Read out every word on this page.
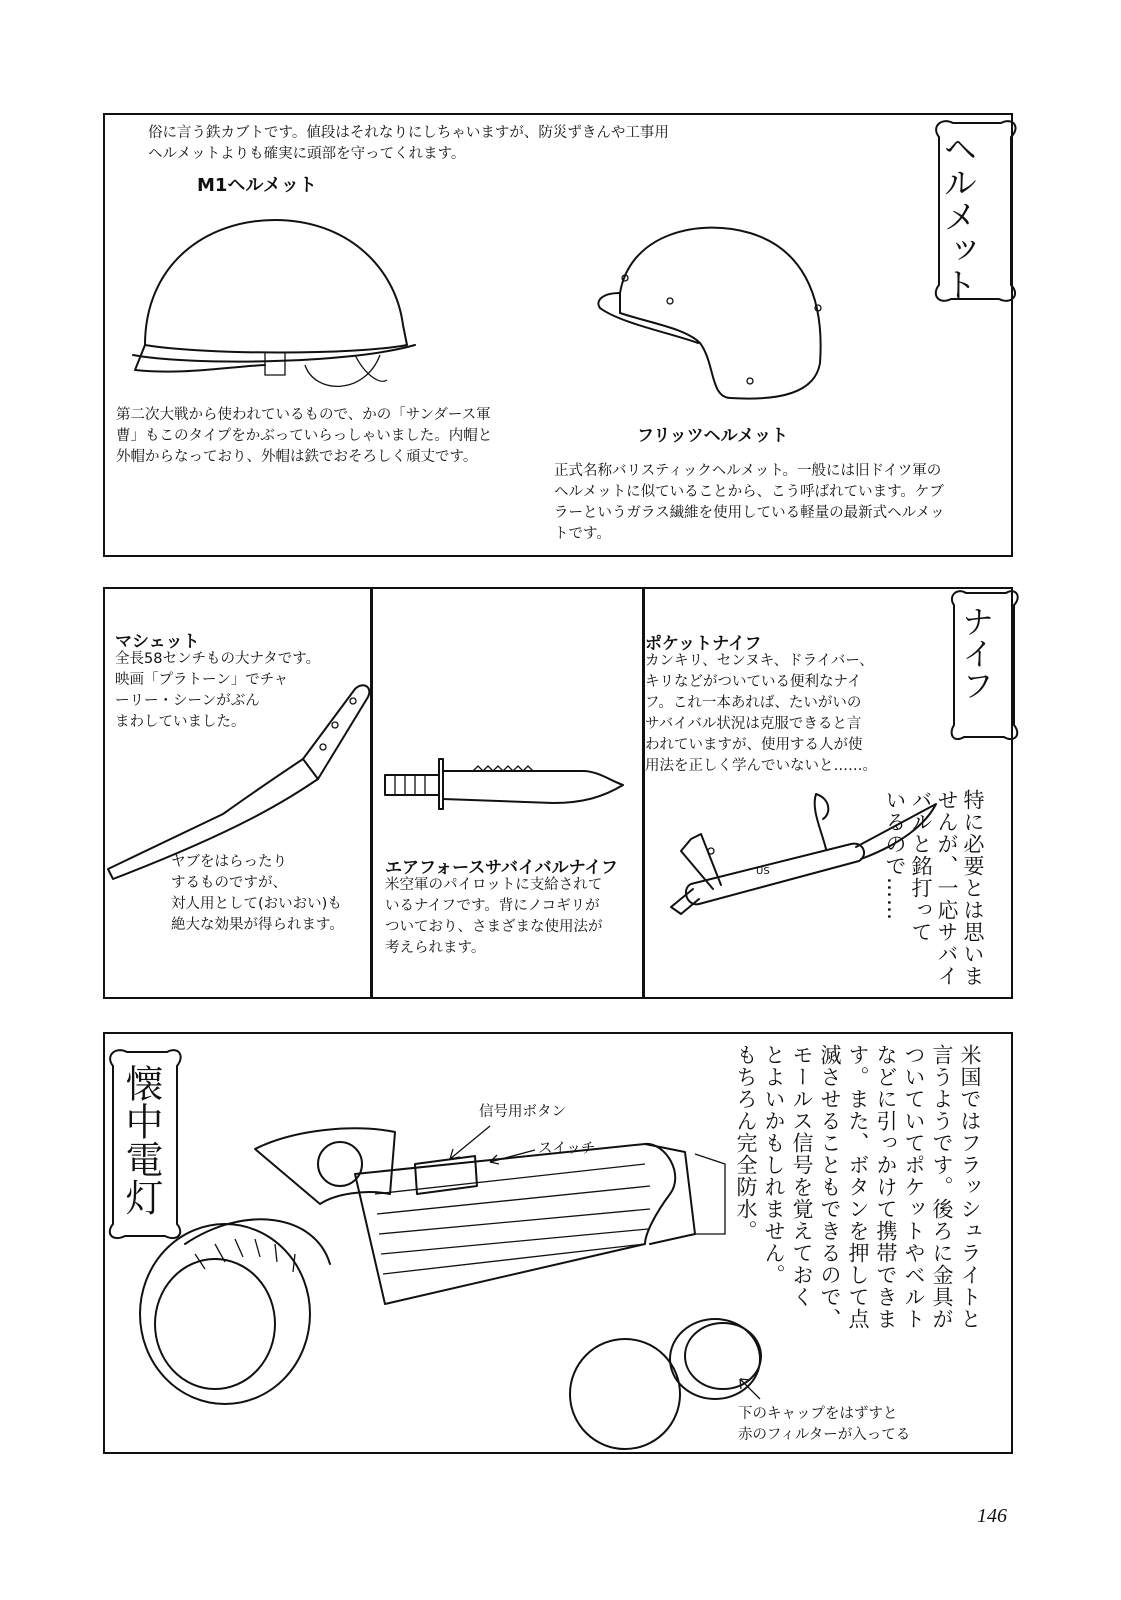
俗に言う鉄カブトです。値段はそれなりにしちゃいますが、防災ずきんや工事用
ヘルメットよりも確実に頭部を守ってくれます。
M1ヘルメット
第二次大戦から使われているもので、かの「サンダース軍
曹」もこのタイプをかぶっていらっしゃいました。内帽と
外帽からなっており、外帽は鉄でおそろしく頑丈です。
フリッツヘルメット
正式名称バリスティックヘルメット。一般には旧ドイツ軍の
ヘルメットに似ていることから、こう呼ばれています。ケブ
ラーというガラス繊維を使用している軽量の最新式ヘルメッ
トです。
ヘルメット
マシェット
全長58センチもの大ナタです。
映画「プラトーン」でチャ
ーリー・シーンがぶん
まわしていました。
ヤブをはらったり
するものですが、
対人用として(おいおい)も
絶大な効果が得られます。
エアフォースサバイバルナイフ
米空軍のパイロットに支給されて
いるナイフです。背にノコギリが
ついており、さまざまな使用法が
考えられます。
ポケットナイフ
カンキリ、センヌキ、ドライバー、
キリなどがついている便利なナイ
フ。これ一本あれば、たいがいの
サバイバル状況は克服できると言
われていますが、使用する人が使
用法を正しく学んでいないと……。
US	特に必要とは思いま
せんが、一応サバイ
バルと銘打って
いるので……
ナイフ
懐中電灯	信号用ボタン
スイッチ
下のキャップをはずすと
赤のフィルターが入ってる
米国ではフラッシュライトと
言うようです。後ろに金具が
ついていてポケットやベルト
などに引っかけて携帯できま
す。また、ボタンを押して点
滅させることもできるので、
モールス信号を覚えておく
とよいかもしれません。
もちろん完全防水。
146
